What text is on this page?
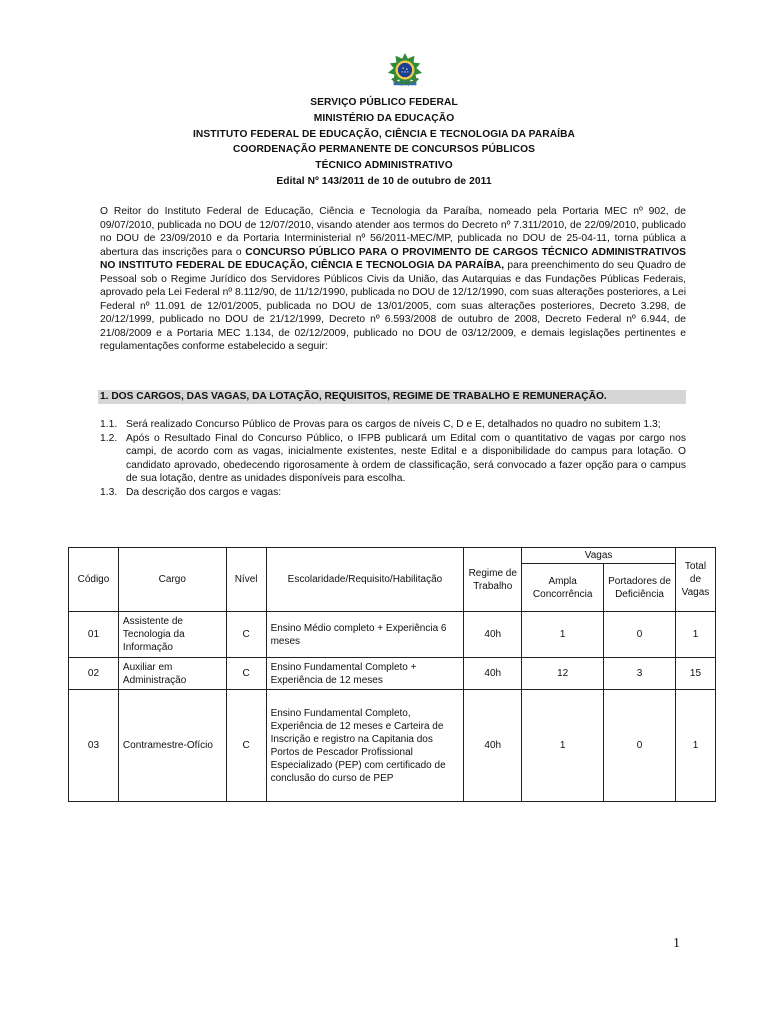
SERVIÇO PÚBLICO FEDERAL
MINISTÉRIO DA EDUCAÇÃO
INSTITUTO FEDERAL DE EDUCAÇÃO, CIÊNCIA E TECNOLOGIA DA PARAÍBA
COORDENAÇÃO PERMANENTE DE CONCURSOS PÚBLICOS
TÉCNICO ADMINISTRATIVO
Edital Nº 143/2011 de 10 de outubro de 2011
O Reitor do Instituto Federal de Educação, Ciência e Tecnologia da Paraíba, nomeado pela Portaria MEC nº 902, de 09/07/2010, publicada no DOU de 12/07/2010, visando atender aos termos do Decreto nº 7.311/2010, de 22/09/2010, publicado no DOU de 23/09/2010 e da Portaria Interministerial nº 56/2011-MEC/MP, publicada no DOU de 25-04-11, torna pública a abertura das inscrições para o CONCURSO PÚBLICO PARA O PROVIMENTO DE CARGOS TÉCNICO ADMINISTRATIVOS NO INSTITUTO FEDERAL DE EDUCAÇÃO, CIÊNCIA E TECNOLOGIA DA PARAÍBA, para preenchimento do seu Quadro de Pessoal sob o Regime Jurídico dos Servidores Públicos Civis da União, das Autarquias e das Fundações Públicas Federais, aprovado pela Lei Federal nº 8.112/90, de 11/12/1990, publicada no DOU de 12/12/1990, com suas alterações posteriores, a Lei Federal nº 11.091 de 12/01/2005, publicada no DOU de 13/01/2005, com suas alterações posteriores, Decreto 3.298, de 20/12/1999, publicado no DOU de 21/12/1999, Decreto nº 6.593/2008 de outubro de 2008, Decreto Federal nº 6.944, de 21/08/2009 e a Portaria MEC 1.134, de 02/12/2009, publicado no DOU de 03/12/2009, e demais legislações pertinentes e regulamentações conforme estabelecido a seguir:
1. DOS CARGOS, DAS VAGAS, DA LOTAÇÃO, REQUISITOS, REGIME DE TRABALHO E REMUNERAÇÃO.
1.1. Será realizado Concurso Público de Provas para os cargos de níveis C, D e E, detalhados no quadro no subitem 1.3;
1.2. Após o Resultado Final do Concurso Público, o IFPB publicará um Edital com o quantitativo de vagas por cargo nos campi, de acordo com as vagas, inicialmente existentes, neste Edital e a disponibilidade do campus para lotação. O candidato aprovado, obedecendo rigorosamente à ordem de classificação, será convocado a fazer opção para o campus de sua lotação, dentre as unidades disponíveis para escolha.
1.3. Da descrição dos cargos e vagas:
Código	Cargo	Nível	Escolaridade/Requisito/Habilitação	Regime de Trabalho	Vagas		Total de Vagas
					Ampla Concorrência	Portadores de Deficiência	
01	Assistente de Tecnologia da Informação	C	Ensino Médio completo + Experiência 6 meses	40h	1	0	1
02	Auxiliar em Administração	C	Ensino Fundamental Completo + Experiência de 12 meses	40h	12	3	15
03	Contramestre-Ofício	C	Ensino Fundamental Completo, Experiência de 12 meses e Carteira de Inscrição e registro na Capitania dos Portos de Pescador Profissional Especializado (PEP) com certificado de conclusão do curso de PEP	40h	1	0	1
1
